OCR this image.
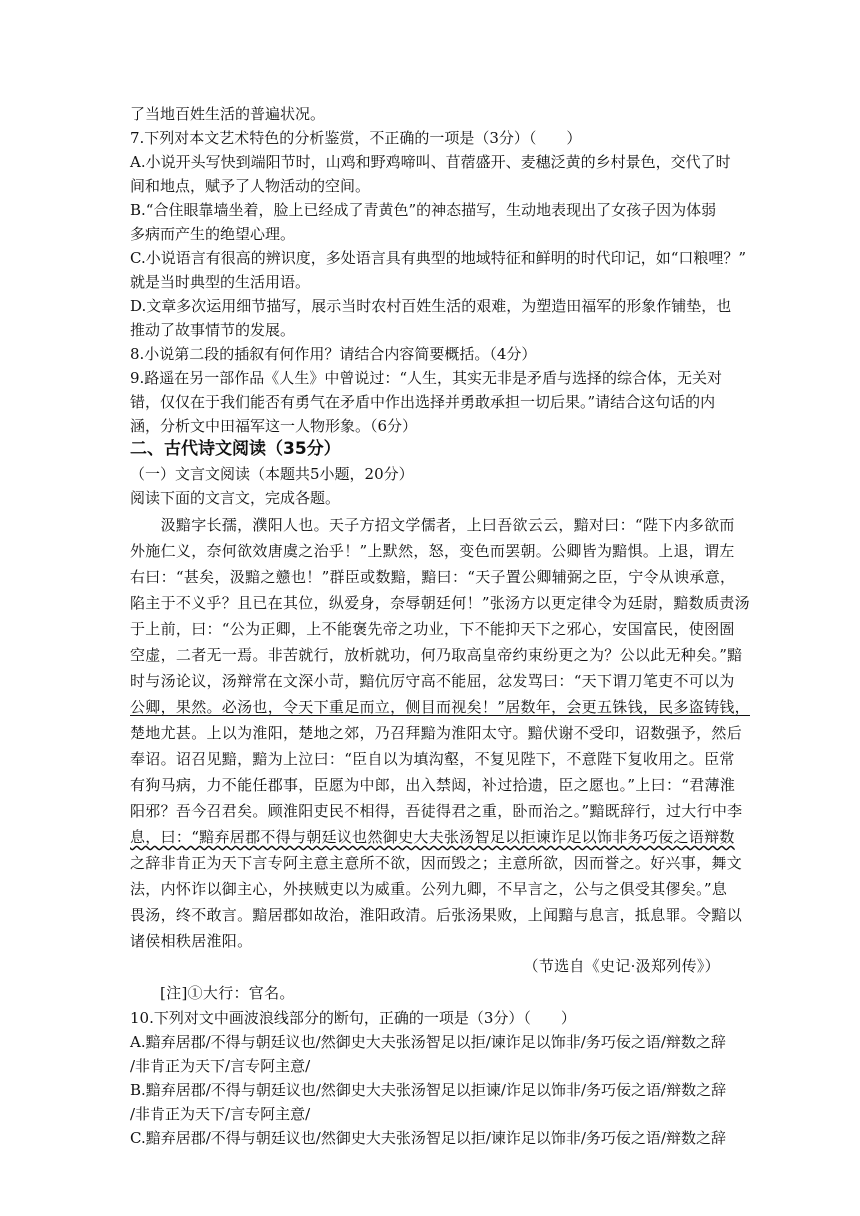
了当地百姓生活的普遍状况。
7.下列对本文艺术特色的分析鉴赏，不正确的一项是（3分）（　　）
A.小说开头写快到端阳节时，山鸡和野鸡啼叫、苜蓿盛开、麦穗泛黄的乡村景色，交代了时
间和地点，赋予了人物活动的空间。
B.“合住眼靠墙坐着，脸上已经成了青黄色”的神态描写，生动地表现出了女孩子因为体弱
多病而产生的绝望心理。
C.小说语言有很高的辨识度，多处语言具有典型的地域特征和鲜明的时代印记，如“口粮哩？”
就是当时典型的生活用语。
D.文章多次运用细节描写，展示当时农村百姓生活的艰难，为塑造田福军的形象作铺垫，也
推动了故事情节的发展。
8.小说第二段的插叙有何作用？请结合内容简要概括。（4分）
9.路遥在另一部作品《人生》中曾说过：“人生，其实无非是矛盾与选择的综合体，无关对
错，仅仅在于我们能否有勇气在矛盾中作出选择并勇敢承担一切后果。”请结合这句话的内
涵，分析文中田福军这一人物形象。（6分）
二、古代诗文阅读（35分）
（一）文言文阅读（本题共5小题，20分）
阅读下面的文言文，完成各题。
　　汲黯字长孺，濮阳人也。天子方招文学儒者，上曰吾欲云云，黯对曰：“陛下内多欲而
外施仁义，奈何欲效唐虞之治乎！”上默然，怒，变色而罢朝。公卿皆为黯惧。上退，谓左
右曰：“甚矣，汲黯之戆也！”群臣或数黯，黯曰：“天子置公卿辅弼之臣，宁令从谀承意，
陷主于不义乎？且已在其位，纵爱身，奈辱朝廷何！”张汤方以更定律令为廷尉，黯数质责汤
于上前，曰：“公为正卿，上不能褒先帝之功业，下不能抑天下之邪心，安国富民，使囹圄
空虚，二者无一焉。非苦就行，放析就功，何乃取高皇帝约束纷更之为？公以此无种矣。”黯
时与汤论议，汤辩常在文深小苛，黯伉厉守高不能屈，忿发骂曰：“天下谓刀笔吏不可以为
公卿，果然。必汤也，令天下重足而立，侧目而视矣！”居数年，会更五铢钱，民多盗铸钱，
楚地尤甚。上以为淮阳，楚地之郊，乃召拜黯为淮阳太守。黯伏谢不受印，诏数强予，然后
奉诏。诏召见黯，黯为上泣曰：“臣自以为填沟壑，不复见陛下，不意陛下复收用之。臣常
有狗马病，力不能任郡事，臣愿为中郎，出入禁闼，补过拾遗，臣之愿也。”上曰：“君薄淮
阳邪？吾今召君矣。顾淮阳吏民不相得，吾徒得君之重，卧而治之。”黯既辞行，过大行中李
息，曰：“黯弃居郡不得与朝廷议也然御史大夫张汤智足以拒谏诈足以饰非务巧佞之语辩数
之辞非肯正为天下言专阿主意主意所不欲，因而毁之；主意所欲，因而誉之。好兴事，舞文
法，内怀诈以御主心，外挟贼吏以为威重。公列九卿，不早言之，公与之俱受其僇矣。”息
畏汤，终不敢言。黯居郡如故治，淮阳政清。后张汤果败，上闻黯与息言，抵息罪。令黯以
诸侯相秩居淮阳。
（节选自《史记·汲郑列传》）
[注]①大行：官名。
10.下列对文中画波浪线部分的断句，正确的一项是（3分）（　　）
A.黯弃居郡/不得与朝廷议也/然御史大夫张汤智足以拒/谏诈足以饰非/务巧佞之语/辩数之辞
/非肯正为天下/言专阿主意/
B.黯弃居郡/不得与朝廷议也/然御史大夫张汤智足以拒谏/诈足以饰非/务巧佞之语/辩数之辞
/非肯正为天下/言专阿主意/
C.黯弃居郡/不得与朝廷议也/然御史大夫张汤智足以拒/谏诈足以饰非/务巧佞之语/辩数之辞
